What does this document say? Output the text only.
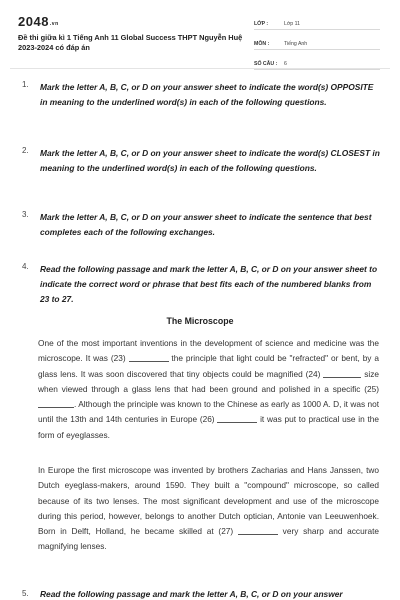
$2048^{.vn}$
Đề thi giữa kì 1 Tiếng Anh 11 Global Success THPT Nguyễn Huệ 2023-2024 có đáp án
LỚP :	Lớp 11
MÔN :	Tiếng Anh
SỐ CÂU :	6
1. Mark the letter A, B, C, or D on your answer sheet to indicate the word(s) OPPOSITE in meaning to the underlined word(s) in each of the following questions.
2. Mark the letter A, B, C, or D on your answer sheet to indicate the word(s) CLOSEST in meaning to the underlined word(s) in each of the following questions.
3. Mark the letter A, B, C, or D on your answer sheet to indicate the sentence that best completes each of the following exchanges.
4. Read the following passage and mark the letter A, B, C, or D on your answer sheet to indicate the correct word or phrase that best fits each of the numbered blanks from 23 to 27.
The Microscope
One of the most important inventions in the development of science and medicine was the microscope. It was (23)	the principle that light could be "refracted" or bent, by a glass lens. It was soon discovered that tiny objects could be magnified (24)	size when viewed through a glass lens that had been ground and polished in a specific (25) . Although the principle was known to the Chinese as early as 1000 A. D, it was not until the 13th and 14th centuries in Europe (26)	it was put to practical use in the form of eyeglasses.
In Europe the first microscope was invented by brothers Zacharias and Hans Janssen, two Dutch eyeglass-makers, around 1590. They built a "compound" microscope, so called because of its two lenses. The most significant development and use of the microscope during this period, however, belongs to another Dutch optician, Antonie van Leeuwenhoek. Born in Delft, Holland, he became skilled at (27)	very sharp and accurate magnifying lenses.
5. Read the following passage and mark the letter A, B, C, or D on your answer
